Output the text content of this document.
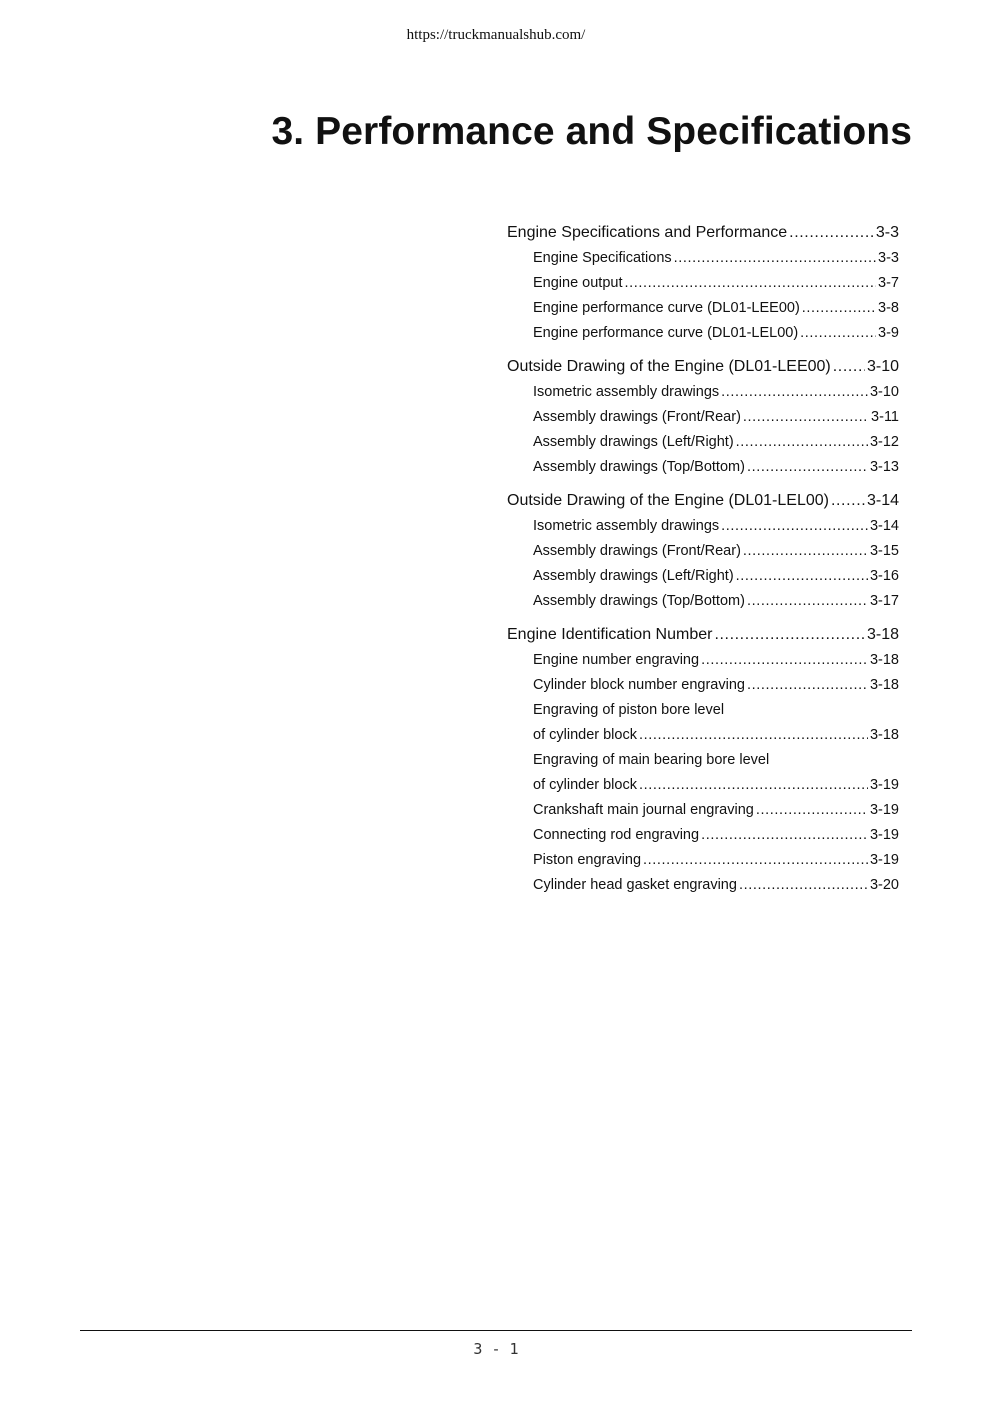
https://truckmanualshub.com/
3. Performance and Specifications
Engine Specifications and Performance .....	3-3
Engine Specifications .....	3-3
Engine output .....	3-7
Engine performance curve (DL01-LEE00) .....	3-8
Engine performance curve (DL01-LEL00) .....	3-9
Outside Drawing of the Engine (DL01-LEE00) ..... 3-10
Isometric assembly drawings .....	3-10
Assembly drawings (Front/Rear) .....	3-11
Assembly drawings (Left/Right) .....	3-12
Assembly drawings (Top/Bottom) .....	3-13
Outside Drawing of the Engine (DL01-LEL00) ..... 3-14
Isometric assembly drawings .....	3-14
Assembly drawings (Front/Rear) .....	3-15
Assembly drawings (Left/Right) .....	3-16
Assembly drawings (Top/Bottom) .....	3-17
Engine Identification Number .....	3-18
Engine number engraving .....	3-18
Cylinder block number engraving .....	3-18
Engraving of piston bore level
of cylinder block .....	3-18
Engraving of main bearing bore level
of cylinder block .....	3-19
Crankshaft main journal engraving .....	3-19
Connecting rod engraving .....	3-19
Piston engraving .....	3-19
Cylinder head gasket engraving .....	3-20
3 - 1
